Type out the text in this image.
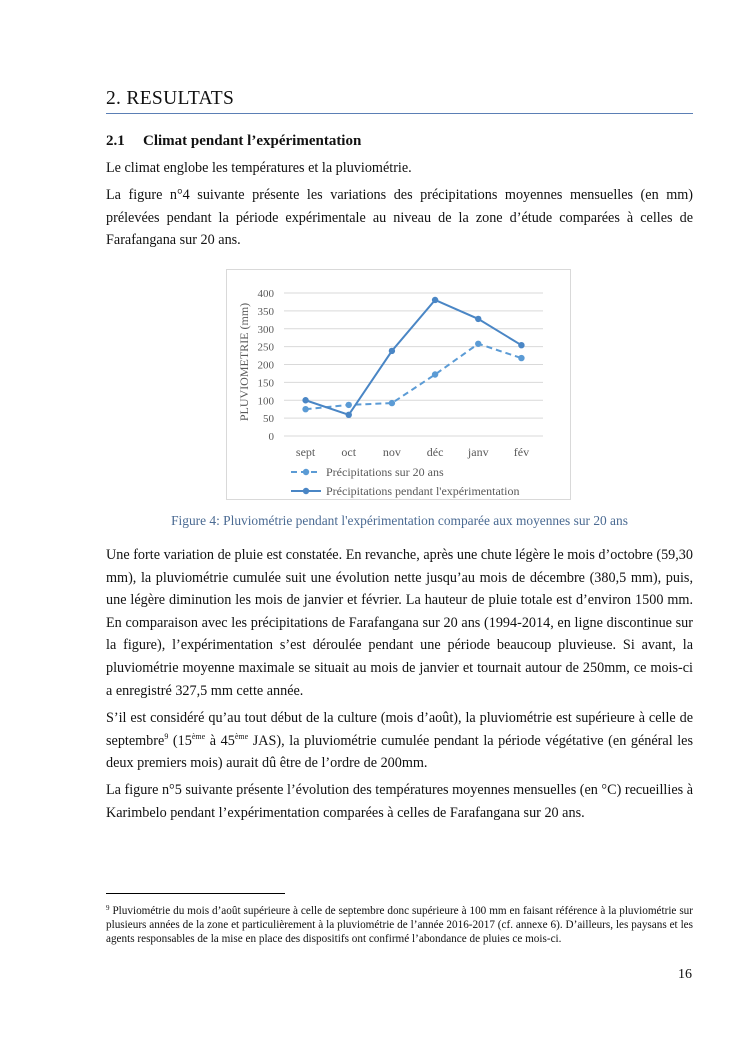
2. RESULTATS
2.1 Climat pendant l’expérimentation

Le climat englobe les températures et la pluviométrie.

La figure n°4 suivante présente les variations des précipitations moyennes mensuelles (en mm) prélevées pendant la période expérimentale au niveau de la zone d’étude comparées à celles de Farafangana sur 20 ans.

0
50
100
150
200
250
300
350
400
sept oct nov déc janv fév
PLUVIOMETRIE (mm)
Précipitations sur 20 ans
Précipitations pendant l'expérimentation

Figure 4: Pluviométrie pendant l'expérimentation comparée aux moyennes sur 20 ans

Une forte variation de pluie est constatée. En revanche, après une chute légère le mois d’octobre (59,30 mm), la pluviométrie cumulée suit une évolution nette jusqu’au mois de décembre (380,5 mm), puis, une légère diminution les mois de janvier et février. La hauteur de pluie totale est d’environ 1500 mm. En comparaison avec les précipitations de Farafangana sur 20 ans (1994-2014, en ligne discontinue sur la figure), l’expérimentation s’est déroulée pendant une période beaucoup pluvieuse. Si avant, la pluviométrie moyenne maximale se situait au mois de janvier et tournait autour de 250mm, ce mois-ci a enregistré 327,5 mm cette année.

S’il est considéré qu’au tout début de la culture (mois d’août), la pluviométrie est supérieure à celle de septembre$^9$ (15ème à 45ème JAS), la pluviométrie cumulée pendant la période végétative (en général les deux premiers mois) aurait dû être de l’ordre de 200mm.

La figure n°5 suivante présente l’évolution des températures moyennes mensuelles (en °C) recueillies à Karimbelo pendant l’expérimentation comparées à celles de Farafangana sur 20 ans.

$^9$ Pluviométrie du mois d’août supérieure à celle de septembre donc supérieure à 100 mm en faisant référence à la pluviométrie sur plusieurs années de la zone et particulièrement à la pluviométrie de l’année 2016-2017 (cf. annexe 6). D’ailleurs, les paysans et les agents responsables de la mise en place des dispositifs ont confirmé l’abondance de pluies ce mois-ci.

16
